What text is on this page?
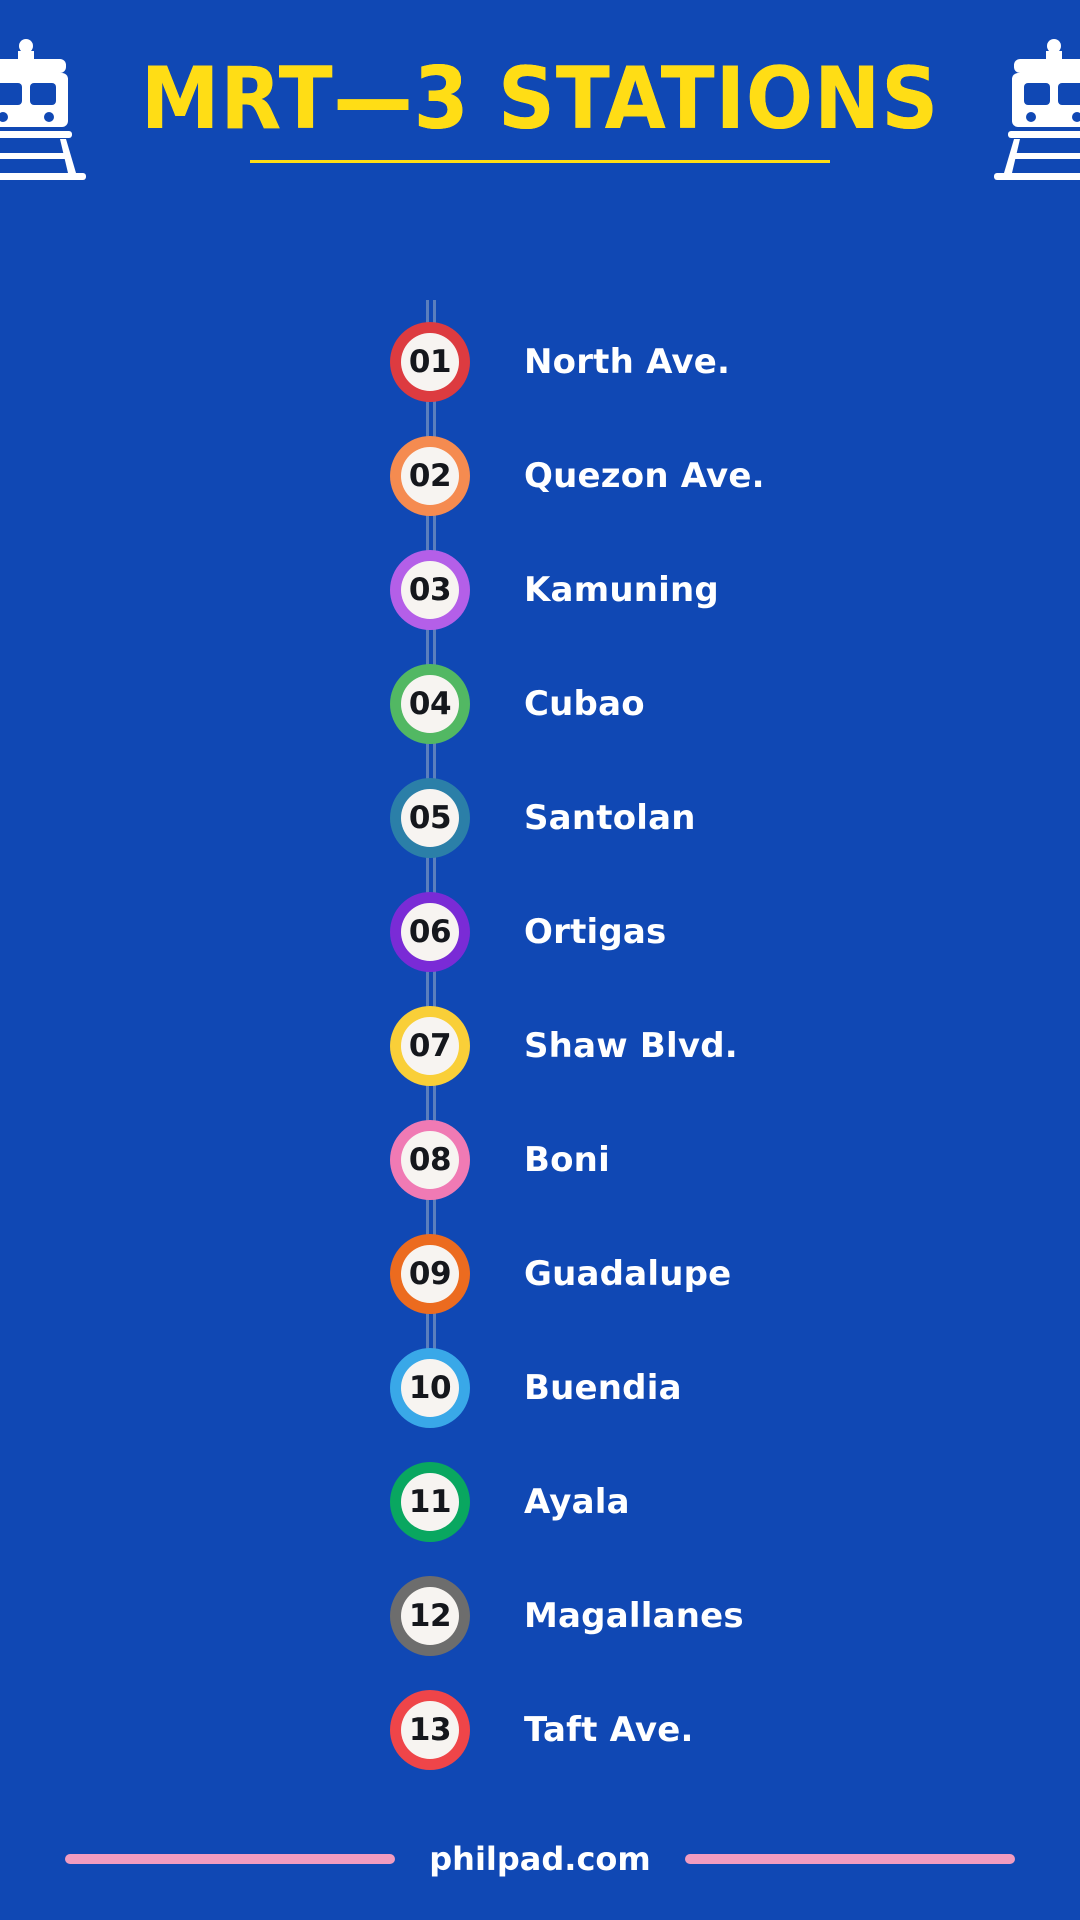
MRT—3 STATIONS
01 North Ave.
02 Quezon Ave.
03 Kamuning
04 Cubao
05 Santolan
06 Ortigas
07 Shaw Blvd.
08 Boni
09 Guadalupe
10 Buendia
11 Ayala
12 Magallanes
13 Taft Ave.
philpad.com
